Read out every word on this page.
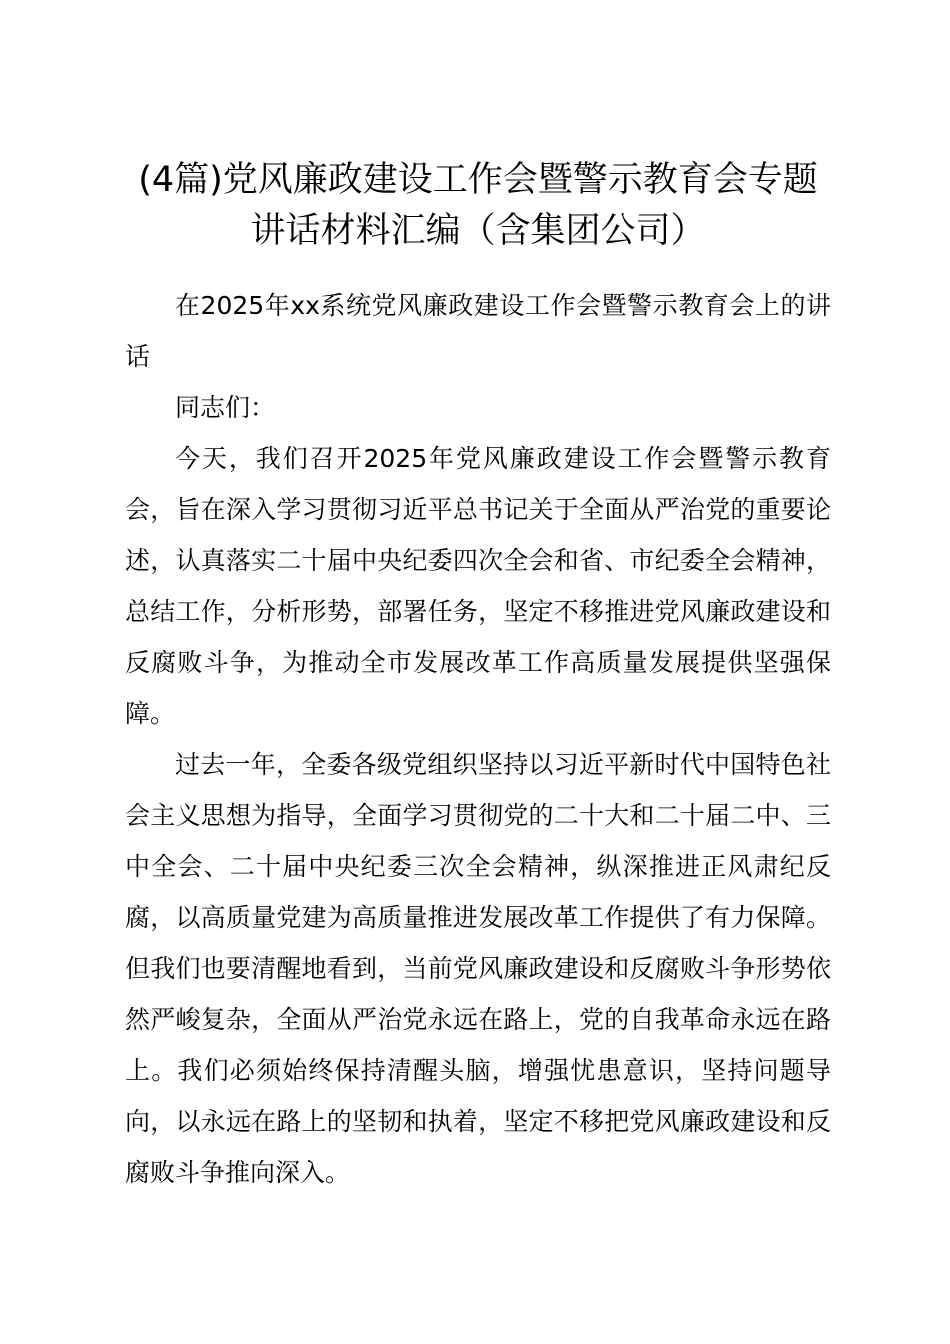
(4篇)党风廉政建设工作会暨警示教育会专题讲话材料汇编（含集团公司）

在2025年xx系统党风廉政建设工作会暨警示教育会上的讲话

同志们：

今天，我们召开2025年党风廉政建设工作会暨警示教育会，旨在深入学习贯彻习近平总书记关于全面从严治党的重要论述，认真落实二十届中央纪委四次全会和省、市纪委全会精神，总结工作，分析形势，部署任务，坚定不移推进党风廉政建设和反腐败斗争，为推动全市发展改革工作高质量发展提供坚强保障。

过去一年，全委各级党组织坚持以习近平新时代中国特色社会主义思想为指导，全面学习贯彻党的二十大和二十届二中、三中全会、二十届中央纪委三次全会精神，纵深推进正风肃纪反腐，以高质量党建为高质量推进发展改革工作提供了有力保障。但我们也要清醒地看到，当前党风廉政建设和反腐败斗争形势依然严峻复杂，全面从严治党永远在路上，党的自我革命永远在路上。我们必须始终保持清醒头脑，增强忧患意识，坚持问题导向，以永远在路上的坚韧和执着，坚定不移把党风廉政建设和反腐败斗争推向深入。
